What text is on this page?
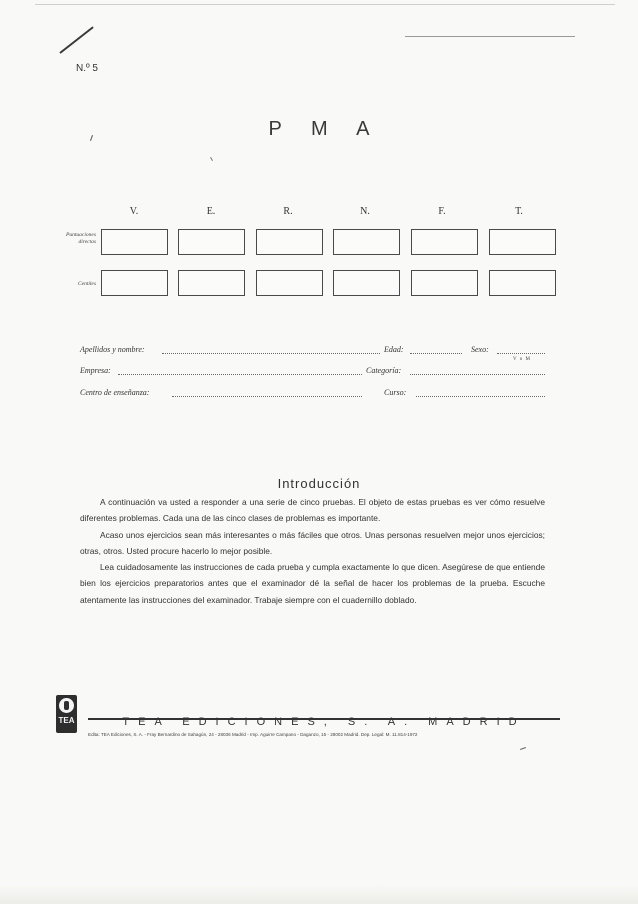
N.º 5
P M A
V.	E.	R.	N.	F.	T.
Puntuaciones directas
Centiles
Apellidos y nombre:	Edad:	Sexo:
V o M
Empresa:	Categoría:
Centro de enseñanza:	Curso:
Introducción

A continuación va usted a responder a una serie de cinco pruebas. El objeto de estas pruebas es ver cómo resuelve diferentes problemas. Cada una de las cinco clases de problemas es importante.

Acaso unos ejercicios sean más interesantes o más fáciles que otros. Unas personas resuelven mejor unos ejercicios; otras, otros. Usted procure hacerlo lo mejor posible.

Lea cuidadosamente las instrucciones de cada prueba y cumpla exactamente lo que dicen. Asegúrese de que entiende bien los ejercicios preparatorios antes que el examinador dé la señal de hacer los problemas de la prueba. Escuche atentamente las instrucciones del examinador. Trabaje siempre con el cuadernillo doblado.

TEA	TEA EDICIONES, S. A. MADRID
Edita: TEA Ediciones, S. A. - Fray Bernardino de Sahagún, 24 - 28036 Madrid - Imp. Aguirre Campano - Daganzo, 15 - 28002 Madrid. Dep. Legal: M. 11.814-1972
